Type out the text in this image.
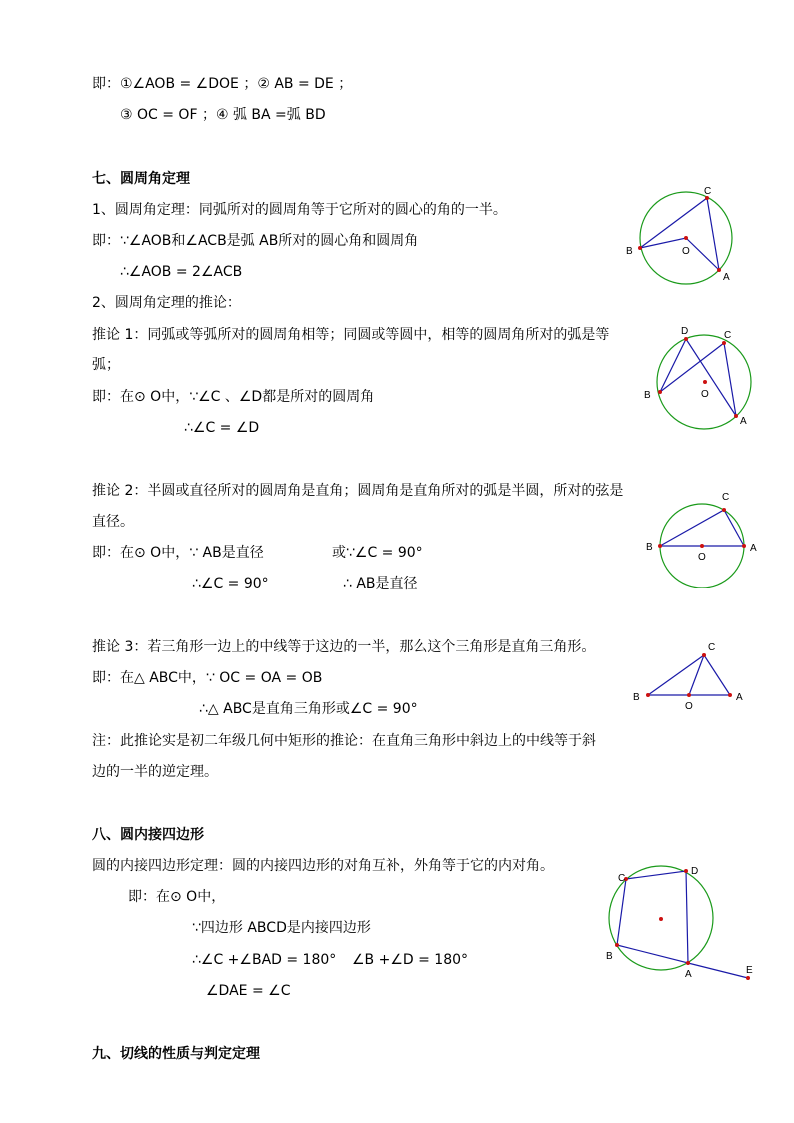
即：①∠AOB = ∠DOE ；② AB = DE ；
③ OC = OF ；④ 弧 BA =弧 BD
七、圆周角定理
1、圆周角定理：同弧所对的圆周角等于它所对的圆心的角的一半。
即：∵∠AOB和∠ACB是弧 AB所对的圆心角和圆周角
∴∠AOB = 2∠ACB
2、圆周角定理的推论：
推论 1：同弧或等弧所对的圆周角相等；同圆或等圆中，相等的圆周角所对的弧是等
弧；
即：在⊙ O中，∵∠C 、∠D都是所对的圆周角
∴∠C = ∠D
推论 2：半圆或直径所对的圆周角是直角；圆周角是直角所对的弧是半圆，所对的弦是
直径。
即：在⊙ O中，∵ AB是直径	或∵∠C = 90°
∴∠C = 90°	∴ AB是直径
推论 3：若三角形一边上的中线等于这边的一半，那么这个三角形是直角三角形。
即：在△ ABC中，∵ OC = OA = OB
∴△ ABC是直角三角形或∠C = 90°
注：此推论实是初二年级几何中矩形的推论：在直角三角形中斜边上的中线等于斜
边的一半的逆定理。
八、圆内接四边形
圆的内接四边形定理：圆的内接四边形的对角互补，外角等于它的内对角。
即：在⊙ O中，
∵四边形 ABCD是内接四边形
∴∠C +∠BAD = 180° ∠B +∠D = 180°
∠DAE = ∠C
九、切线的性质与判定定理
C
B	O
A
D	C
B	O
A
C
B
O
A
C
B
O
A
C
D
B
A	E
